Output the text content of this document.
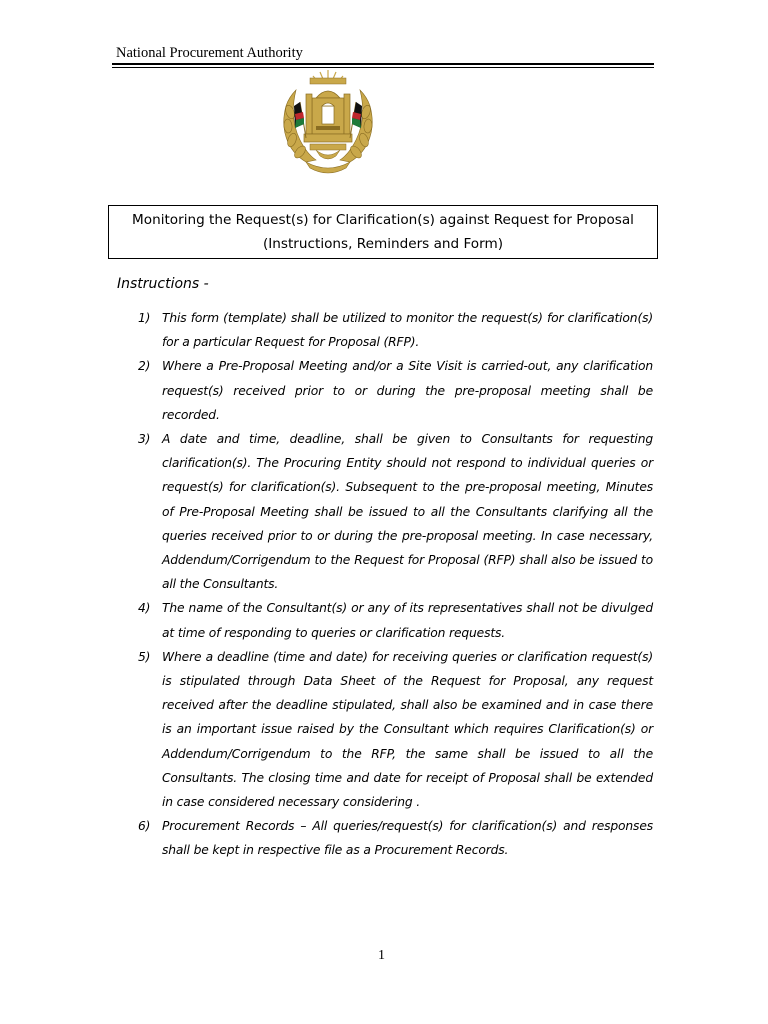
National Procurement Authority
Monitoring the Request(s) for Clarification(s) against Request for Proposal
(Instructions, Reminders and Form)
Instructions -
1) This form (template) shall be utilized to monitor the request(s) for clarification(s) for a particular Request for Proposal (RFP).
2) Where a Pre-Proposal Meeting and/or a Site Visit is carried-out, any clarification request(s) received prior to or during the pre-proposal meeting shall be recorded.
3) A date and time, deadline, shall be given to Consultants for requesting clarification(s). The Procuring Entity should not respond to individual queries or request(s) for clarification(s). Subsequent to the pre-proposal meeting, Minutes of Pre-Proposal Meeting shall be issued to all the Consultants clarifying all the queries received prior to or during the pre-proposal meeting. In case necessary, Addendum/Corrigendum to the Request for Proposal (RFP) shall also be issued to all the Consultants.
4) The name of the Consultant(s) or any of its representatives shall not be divulged at time of responding to queries or clarification requests.
5) Where a deadline (time and date) for receiving queries or clarification request(s) is stipulated through Data Sheet of the Request for Proposal, any request received after the deadline stipulated, shall also be examined and in case there is an important issue raised by the Consultant which requires Clarification(s) or Addendum/Corrigendum to the RFP, the same shall be issued to all the Consultants. The closing time and date for receipt of Proposal shall be extended in case considered necessary considering .
6) Procurement Records – All queries/request(s) for clarification(s) and responses shall be kept in respective file as a Procurement Records.
1
